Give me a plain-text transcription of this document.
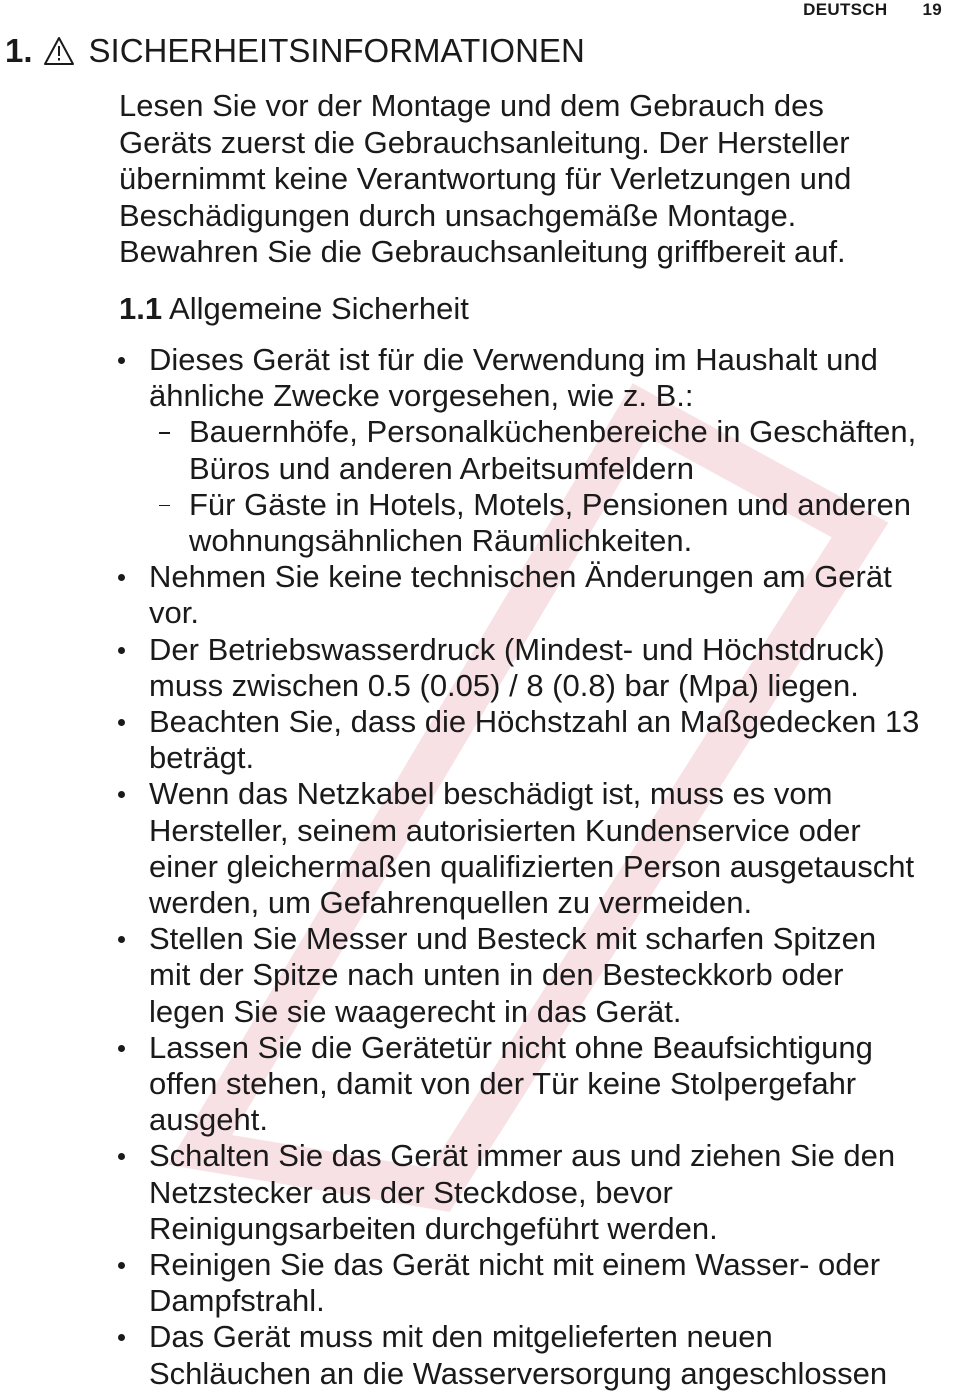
DEUTSCH 19
1. SICHERHEITSINFORMATIONEN

Lesen Sie vor der Montage und dem Gebrauch des

Geräts zuerst die Gebrauchsanleitung. Der Hersteller

übernimmt keine Verantwortung für Verletzungen und

Beschädigungen durch unsachgemäße Montage.

Bewahren Sie die Gebrauchsanleitung griffbereit auf.

1.1 Allgemeine Sicherheit
Dieses Gerät ist für die Verwendung im Haushalt und
ähnliche Zwecke vorgesehen, wie z. B.:
Bauernhöfe, Personalküchenbereiche in Geschäften,
Büros und anderen Arbeitsumfeldern
Für Gäste in Hotels, Motels, Pensionen und anderen
wohnungsähnlichen Räumlichkeiten.
Nehmen Sie keine technischen Änderungen am Gerät
vor.
Der Betriebswasserdruck (Mindest- und Höchstdruck)
muss zwischen 0.5 (0.05) / 8 (0.8) bar (Mpa) liegen.
Beachten Sie, dass die Höchstzahl an Maßgedecken 13
beträgt.
Wenn das Netzkabel beschädigt ist, muss es vom
Hersteller, seinem autorisierten Kundenservice oder
einer gleichermaßen qualifizierten Person ausgetauscht
werden, um Gefahrenquellen zu vermeiden.
Stellen Sie Messer und Besteck mit scharfen Spitzen
mit der Spitze nach unten in den Besteckkorb oder
legen Sie sie waagerecht in das Gerät.
Lassen Sie die Gerätetür nicht ohne Beaufsichtigung
offen stehen, damit von der Tür keine Stolpergefahr
ausgeht.
Schalten Sie das Gerät immer aus und ziehen Sie den
Netzstecker aus der Steckdose, bevor
Reinigungsarbeiten durchgeführt werden.
Reinigen Sie das Gerät nicht mit einem Wasser- oder
Dampfstrahl.
Das Gerät muss mit den mitgelieferten neuen
Schläuchen an die Wasserversorgung angeschlossen
